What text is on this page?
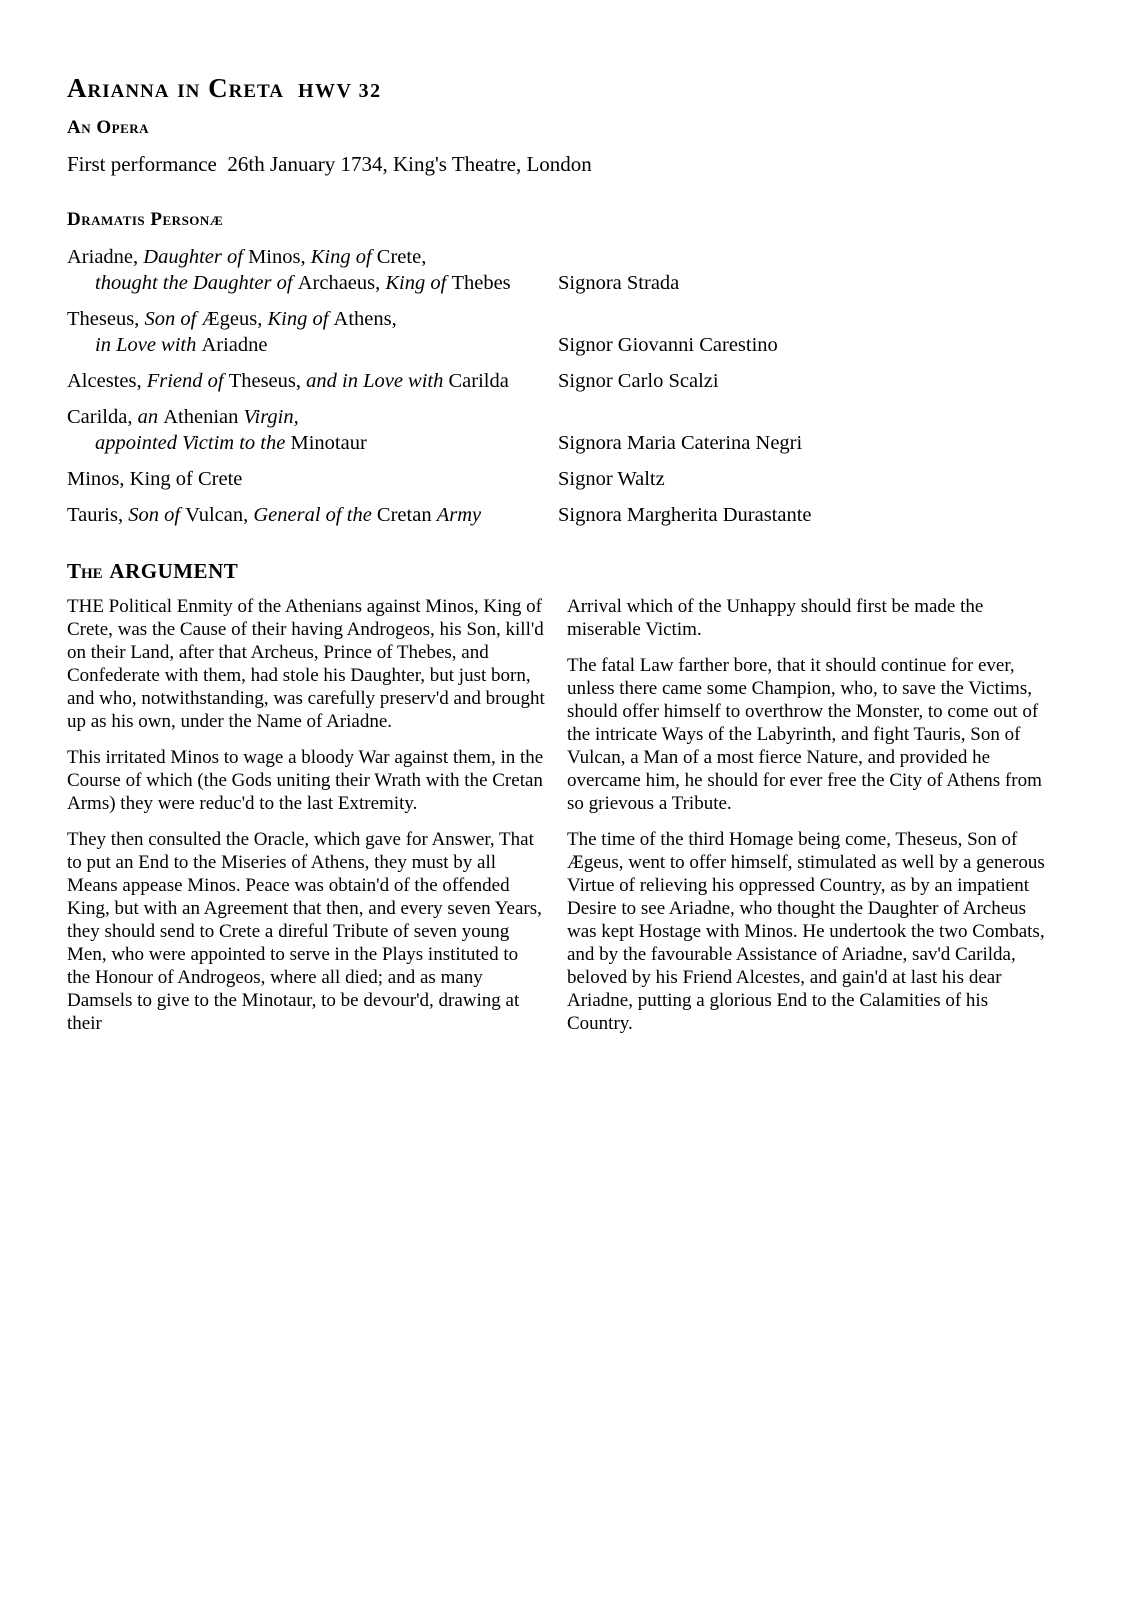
Arianna in Creta HWV 32
An Opera

First performance  26th January 1734, King's Theatre, London

Dramatis Personæ
Ariadne, Daughter of Minos, King of Crete,
thought the Daughter of Archaeus, King of Thebes	Signora Strada
Theseus, Son of Ægeus, King of Athens,
in Love with Ariadne	Signor Giovanni Carestino
Alcestes, Friend of Theseus, and in Love with Carilda	Signor Carlo Scalzi
Carilda, an Athenian Virgin,
appointed Victim to the Minotaur	Signora Maria Caterina Negri
Minos, King of Crete	Signor Waltz
Tauris, Son of Vulcan, General of the Cretan Army	Signora Margherita Durastante
The ARGUMENT

THE Political Enmity of the Athenians against Minos, King of Crete, was the Cause of their having Androgeos, his Son, kill'd on their Land, after that Archeus, Prince of Thebes, and Confederate with them, had stole his Daughter, but just born, and who, notwithstanding, was carefully preserv'd and brought up as his own, under the Name of Ariadne.

This irritated Minos to wage a bloody War against them, in the Course of which (the Gods uniting their Wrath with the Cretan Arms) they were reduc'd to the last Extremity.

They then consulted the Oracle, which gave for Answer, That to put an End to the Miseries of Athens, they must by all Means appease Minos. Peace was obtain'd of the offended King, but with an Agreement that then, and every seven Years, they should send to Crete a direful Tribute of seven young Men, who were appointed to serve in the Plays instituted to the Honour of Androgeos, where all died; and as many Damsels to give to the Minotaur, to be devour'd, drawing at their

Arrival which of the Unhappy should first be made the miserable Victim.

The fatal Law farther bore, that it should continue for ever, unless there came some Champion, who, to save the Victims, should offer himself to overthrow the Monster, to come out of the intricate Ways of the Labyrinth, and fight Tauris, Son of Vulcan, a Man of a most fierce Nature, and provided he overcame him, he should for ever free the City of Athens from so grievous a Tribute.

The time of the third Homage being come, Theseus, Son of Ægeus, went to offer himself, stimulated as well by a generous Virtue of relieving his oppressed Country, as by an impatient Desire to see Ariadne, who thought the Daughter of Archeus was kept Hostage with Minos. He undertook the two Combats, and by the favourable Assistance of Ariadne, sav'd Carilda, beloved by his Friend Alcestes, and gain'd at last his dear Ariadne, putting a glorious End to the Calamities of his Country.
